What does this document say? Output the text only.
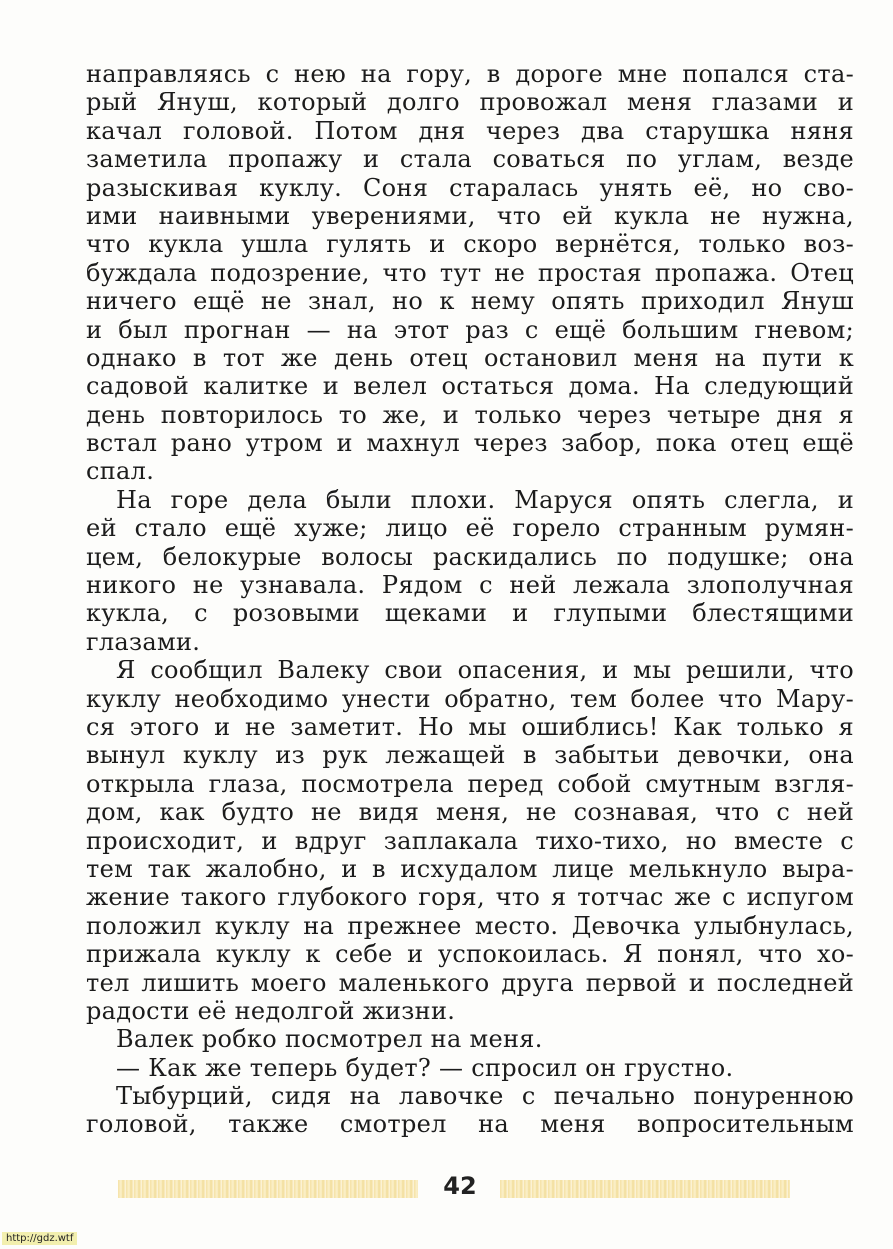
направляясь с нею на гору, в дороге мне попался ста-
рый Януш, который долго провожал меня глазами и
качал головой. Потом дня через два старушка няня
заметила пропажу и стала соваться по углам, везде
разыскивая куклу. Соня старалась унять её, но сво-
ими наивными уверениями, что ей кукла не нужна,
что кукла ушла гулять и скоро вернётся, только воз-
буждала подозрение, что тут не простая пропажа. Отец
ничего ещё не знал, но к нему опять приходил Януш
и был прогнан — на этот раз с ещё большим гневом;
однако в тот же день отец остановил меня на пути к
садовой калитке и велел остаться дома. На следующий
день повторилось то же, и только через четыре дня я
встал рано утром и махнул через забор, пока отец ещё
спал.
На горе дела были плохи. Маруся опять слегла, и
ей стало ещё хуже; лицо её горело странным румян-
цем, белокурые волосы раскидались по подушке; она
никого не узнавала. Рядом с ней лежала злополучная
кукла, с розовыми щеками и глупыми блестящими
глазами.
Я сообщил Валеку свои опасения, и мы решили, что
куклу необходимо унести обратно, тем более что Мару-
ся этого и не заметит. Но мы ошиблись! Как только я
вынул куклу из рук лежащей в забытьи девочки, она
открыла глаза, посмотрела перед собой смутным взгля-
дом, как будто не видя меня, не сознавая, что с ней
происходит, и вдруг заплакала тихо-тихо, но вместе с
тем так жалобно, и в исхудалом лице мелькнуло выра-
жение такого глубокого горя, что я тотчас же с испугом
положил куклу на прежнее место. Девочка улыбнулась,
прижала куклу к себе и успокоилась. Я понял, что хо-
тел лишить моего маленького друга первой и последней
радости её недолгой жизни.
Валек робко посмотрел на меня.
— Как же теперь будет? — спросил он грустно.
Тыбурций, сидя на лавочке с печально понуренною
головой, также смотрел на меня вопросительным
42
http://gdz.wtf
